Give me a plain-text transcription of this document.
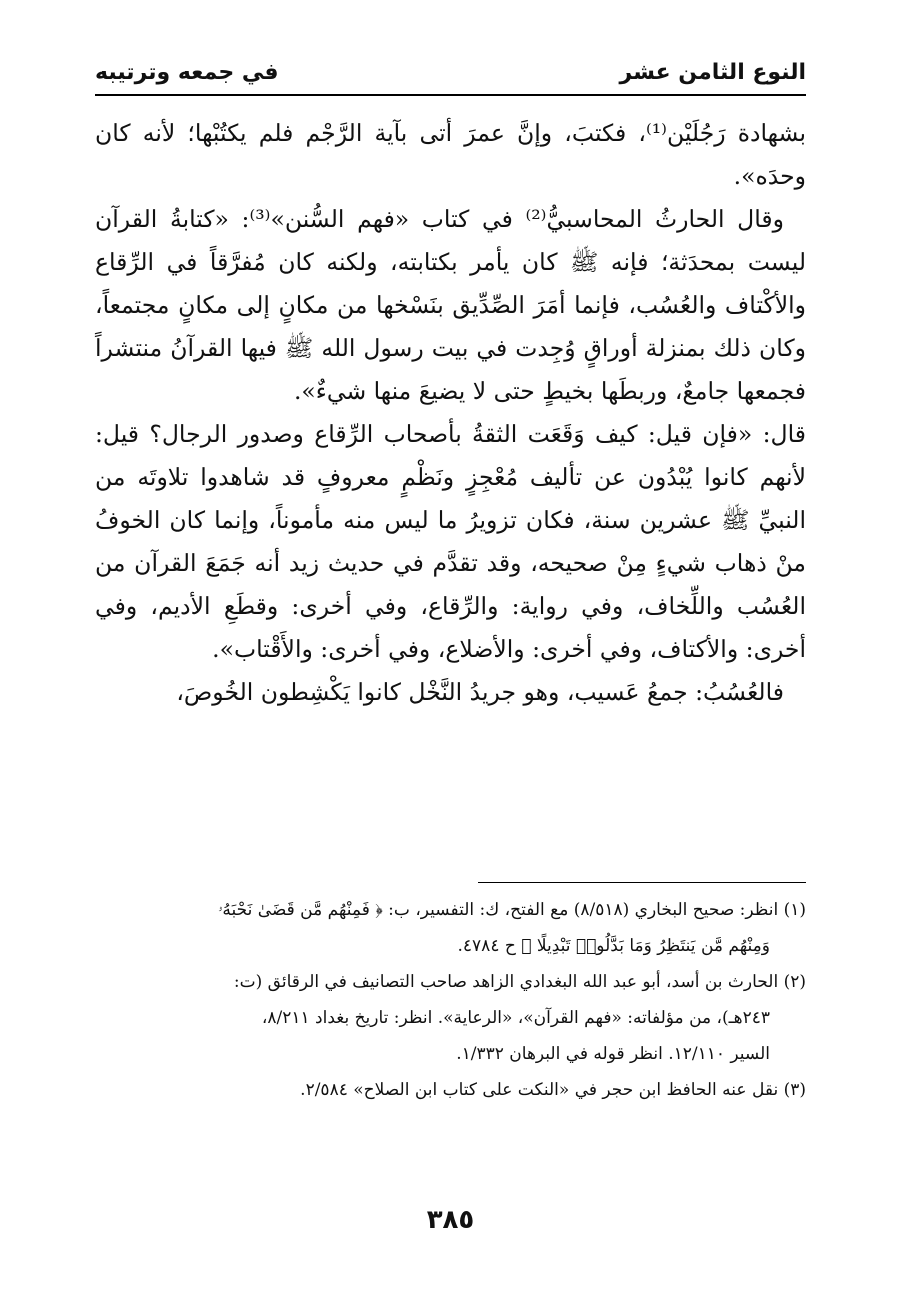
النوع الثامن عشر
في جمعه وترتيبه

بشهادة رَجُلَيْن⁽¹⁾، فكتبَ، وإنَّ عمرَ أتى بآية الرَّجْم فلم يكتُبْها؛ لأنه كان وحدَه».

وقال الحارثُ المحاسبيُّ⁽²⁾ في كتاب «فهم السُّنن»⁽³⁾: «كتابةُ القرآن ليست بمحدَثة؛ فإنه ﷺ كان يأمر بكتابته، ولكنه كان مُفرَّقاً في الرِّقاع والأكْتاف والعُسُب، فإنما أمَرَ الصِّدِّيق بنَسْخها من مكانٍ إلى مكانٍ مجتمعاً، وكان ذلك بمنزلة أوراقٍ وُجِدت في بيت رسول الله ﷺ فيها القرآنُ منتشراً فجمعها جامعٌ، وربطَها بخيطٍ حتى لا يضيعَ منها شيءٌ».

قال: «فإن قيل: كيف وَقَعَت الثقةُ بأصحاب الرِّقاع وصدور الرجال؟ قيل: لأنهم كانوا يُبْدُون عن تأليف مُعْجِزٍ ونَظْمٍ معروفٍ قد شاهدوا تلاوتَه من النبيِّ ﷺ عشرين سنة، فكان تزويرُ ما ليس منه مأموناً، وإنما كان الخوفُ منْ ذهاب شيءٍ مِنْ صحيحه، وقد تقدَّم في حديث زيد أنه جَمَعَ القرآن من العُسُب واللِّخاف، وفي رواية: والرِّقاع، وفي أخرى: وقطَعِ الأديم، وفي أخرى: والأكتاف، وفي أخرى: والأضلاع، وفي أخرى: والأَقْتاب».

فالعُسُبُ: جمعُ عَسيب، وهو جريدُ النَّخْل كانوا يَكْشِطون الخُوصَ،

(١) انظر: صحيح البخاري (٨/٥١٨) مع الفتح، ك: التفسير، ب: ﴿ فَمِنْهُم مَّن قَضَىٰ نَحْبَهُۥ

وَمِنْهُم مَّن يَنتَظِرُ وَمَا بَدَّلُوا۟ تَبْدِيلًا ﴾ ح ٤٧٨٤.

(٢) الحارث بن أسد، أبو عبد الله البغدادي الزاهد صاحب التصانيف في الرقائق (ت:

٢٤٣هـ)، من مؤلفاته: «فهم القرآن»، «الرعاية». انظر: تاريخ بغداد ٨/٢١١،

السير ١٢/١١٠. انظر قوله في البرهان ١/٣٣٢.

(٣) نقل عنه الحافظ ابن حجر في «النكت على كتاب ابن الصلاح» ٢/٥٨٤.

٣٨٥
